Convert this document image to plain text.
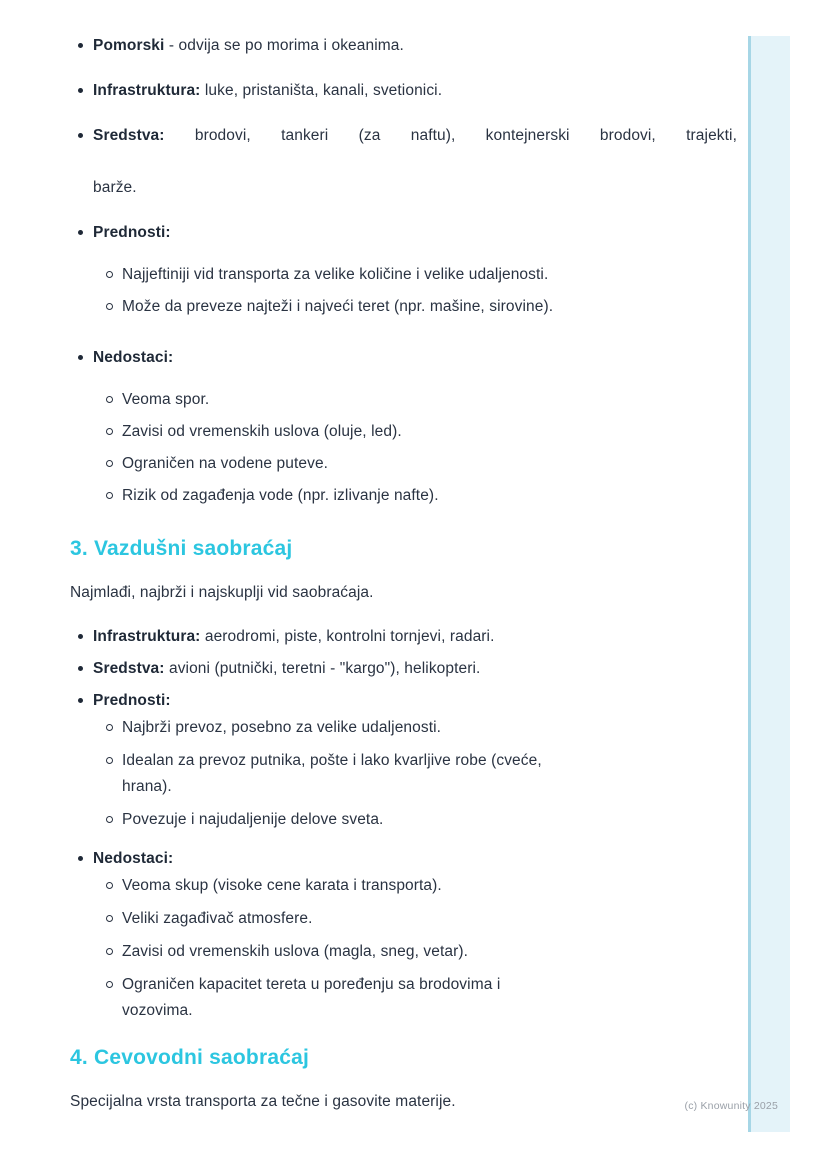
Pomorski - odvija se po morima i okeanima.
Infrastruktura: luke, pristaništa, kanali, svetionici.
Sredstva: brodovi, tankeri (za naftu), kontejnerski brodovi, trajekti,
barže.
Prednosti:
Najjeftiniji vid transporta za velike količine i velike udaljenosti.
Može da preveze najteži i najveći teret (npr. mašine, sirovine).
Nedostaci:
Veoma spor.
Zavisi od vremenskih uslova (oluje, led).
Ograničen na vodene puteve.
Rizik od zagađenja vode (npr. izlivanje nafte).
3. Vazdušni saobraćaj

Najmlađi, najbrži i najskuplji vid saobraćaja.

Infrastruktura: aerodromi, piste, kontrolni tornjevi, radari.
Sredstva: avioni (putnički, teretni - "kargo"), helikopteri.
Prednosti:
Najbrži prevoz, posebno za velike udaljenosti.
Idealan za prevoz putnika, pošte i lako kvarljive robe (cveće,
hrana).
Povezuje i najudaljenije delove sveta.
Nedostaci:
Veoma skup (visoke cene karata i transporta).
Veliki zagađivač atmosfere.
Zavisi od vremenskih uslova (magla, sneg, vetar).
Ograničen kapacitet tereta u poređenju sa brodovima i
vozovima.
4. Cevovodni saobraćaj

Specijalna vrsta transporta za tečne i gasovite materije.	(c) Knowunity 2025
